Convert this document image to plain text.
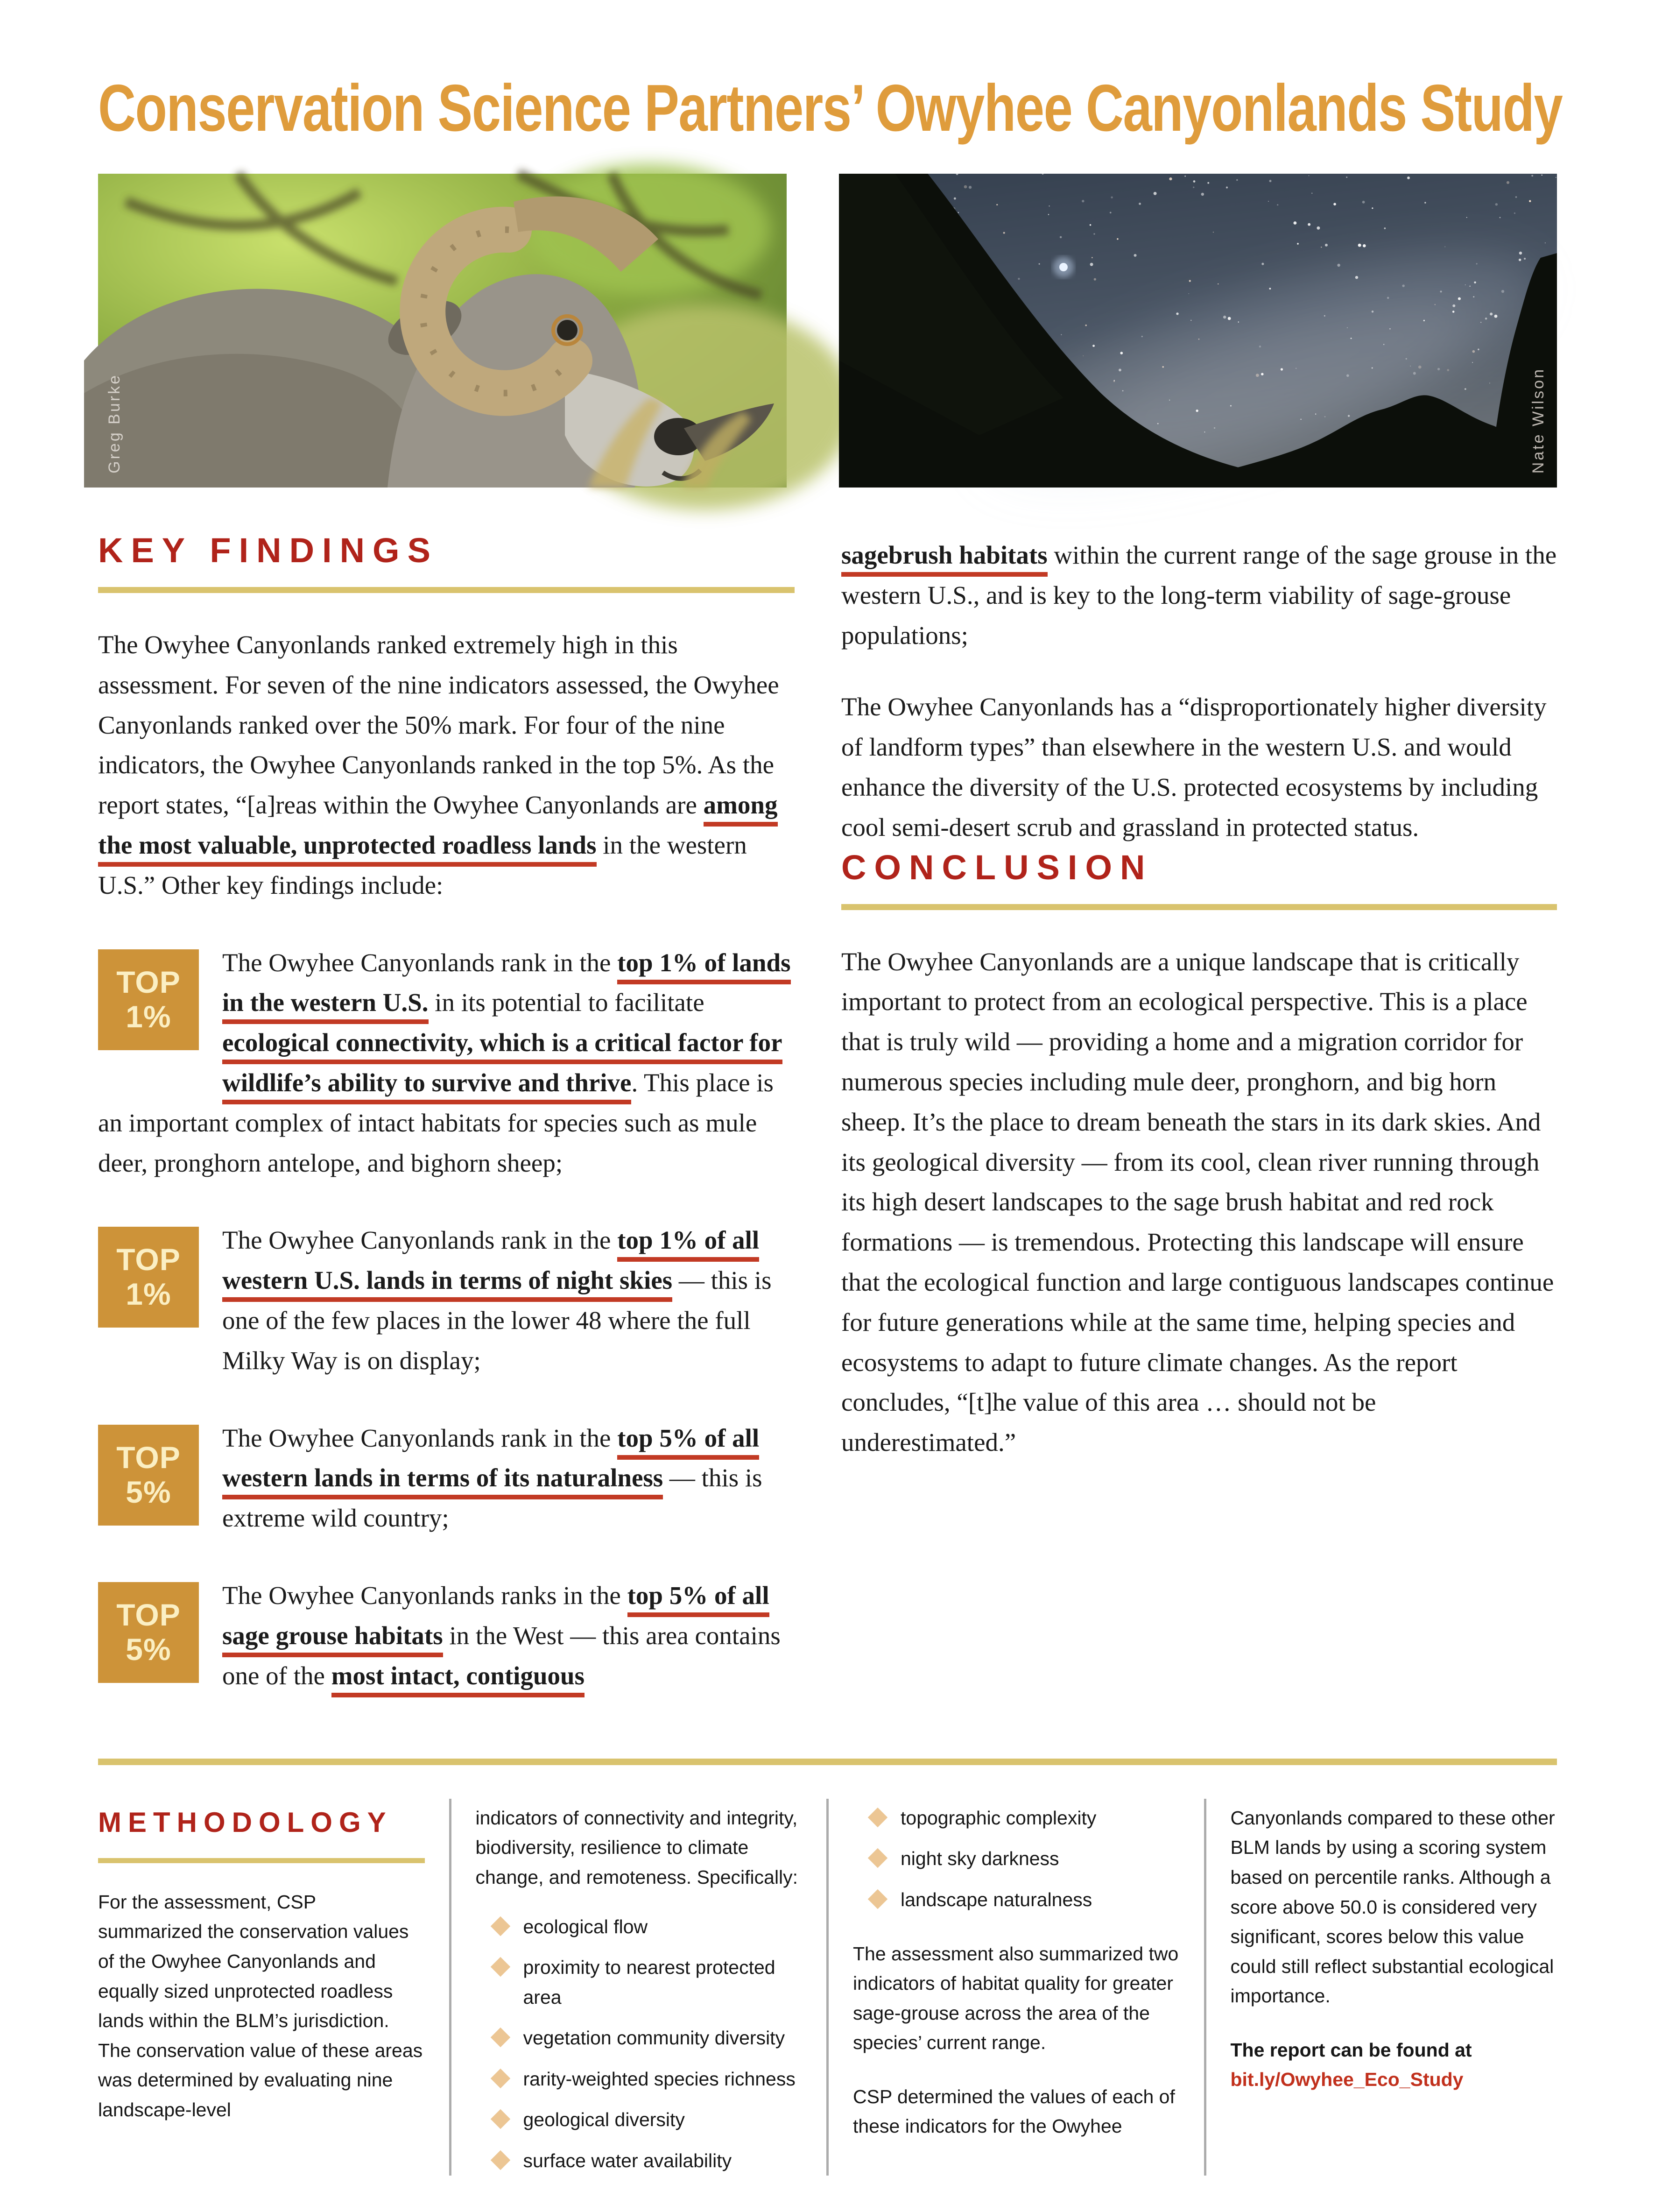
Conservation Science Partners’ Owyhee Canyonlands Study
Greg Burke	Nate Wilson
KEY FINDINGS

The Owyhee Canyonlands ranked extremely high in this assessment. For seven of the nine indicators assessed, the Owyhee Canyonlands ranked over the 50% mark. For four of the nine indicators, the Owyhee Canyonlands ranked in the top 5%. As the report states, “[a]reas within the Owyhee Canyonlands are among the most valuable, unprotected roadless lands in the western U.S.” Other key findings include:

TOP
1%
The Owyhee Canyonlands rank in the top 1% of lands in the western U.S. in its potential to facilitate ecological connectivity, which is a critical factor for wildlife’s ability to survive and thrive. This place is an important complex of intact habitats for species such as mule deer, pronghorn antelope, and bighorn sheep;
TOP
1%
The Owyhee Canyonlands rank in the top 1% of all western U.S. lands in terms of night skies — this is one of the few places in the lower 48 where the full Milky Way is on display;
TOP
5%
The Owyhee Canyonlands rank in the top 5% of all western lands in terms of its naturalness — this is extreme wild country;
TOP
5%
The Owyhee Canyonlands ranks in the top 5% of all sage grouse habitats in the West — this area contains one of the most intact, contiguous

sagebrush habitats within the current range of the sage grouse in the western U.S., and is key to the long-term viability of sage-grouse populations;

The Owyhee Canyonlands has a “disproportionately higher diversity of landform types” than elsewhere in the western U.S. and would enhance the diversity of the U.S. protected ecosystems by including cool semi-desert scrub and grassland in protected status.

CONCLUSION

The Owyhee Canyonlands are a unique landscape that is critically important to protect from an ecological perspective. This is a place that is truly wild — providing a home and a migration corridor for numerous species including mule deer, pronghorn, and big horn sheep. It’s the place to dream beneath the stars in its dark skies. And its geological diversity — from its cool, clean river running through its high desert landscapes to the sage brush habitat and red rock formations — is tremendous. Protecting this landscape will ensure that the ecological function and large contiguous landscapes continue for future generations while at the same time, helping species and ecosystems to adapt to future climate changes. As the report concludes, “[t]he value of this area … should not be underestimated.”

METHODOLOGY

For the assessment, CSP summarized the conservation values of the Owyhee Canyonlands and equally sized unprotected roadless lands within the BLM’s jurisdiction. The conservation value of these areas was determined by evaluating nine landscape-level

indicators of connectivity and integrity, biodiversity, resilience to climate change, and remoteness. Specifically:

ecological flow
proximity to nearest protected area
vegetation community diversity
rarity-weighted species richness
geological diversity
surface water availability
topographic complexity
night sky darkness
landscape naturalness

The assessment also summarized two indicators of habitat quality for greater sage-grouse across the area of the species’ current range.

CSP determined the values of each of these indicators for the Owyhee

Canyonlands compared to these other BLM lands by using a scoring system based on percentile ranks. Although a score above 50.0 is considered very significant, scores below this value could still reflect substantial ecological importance.

The report can be found at

bit.ly/Owyhee_Eco_Study
